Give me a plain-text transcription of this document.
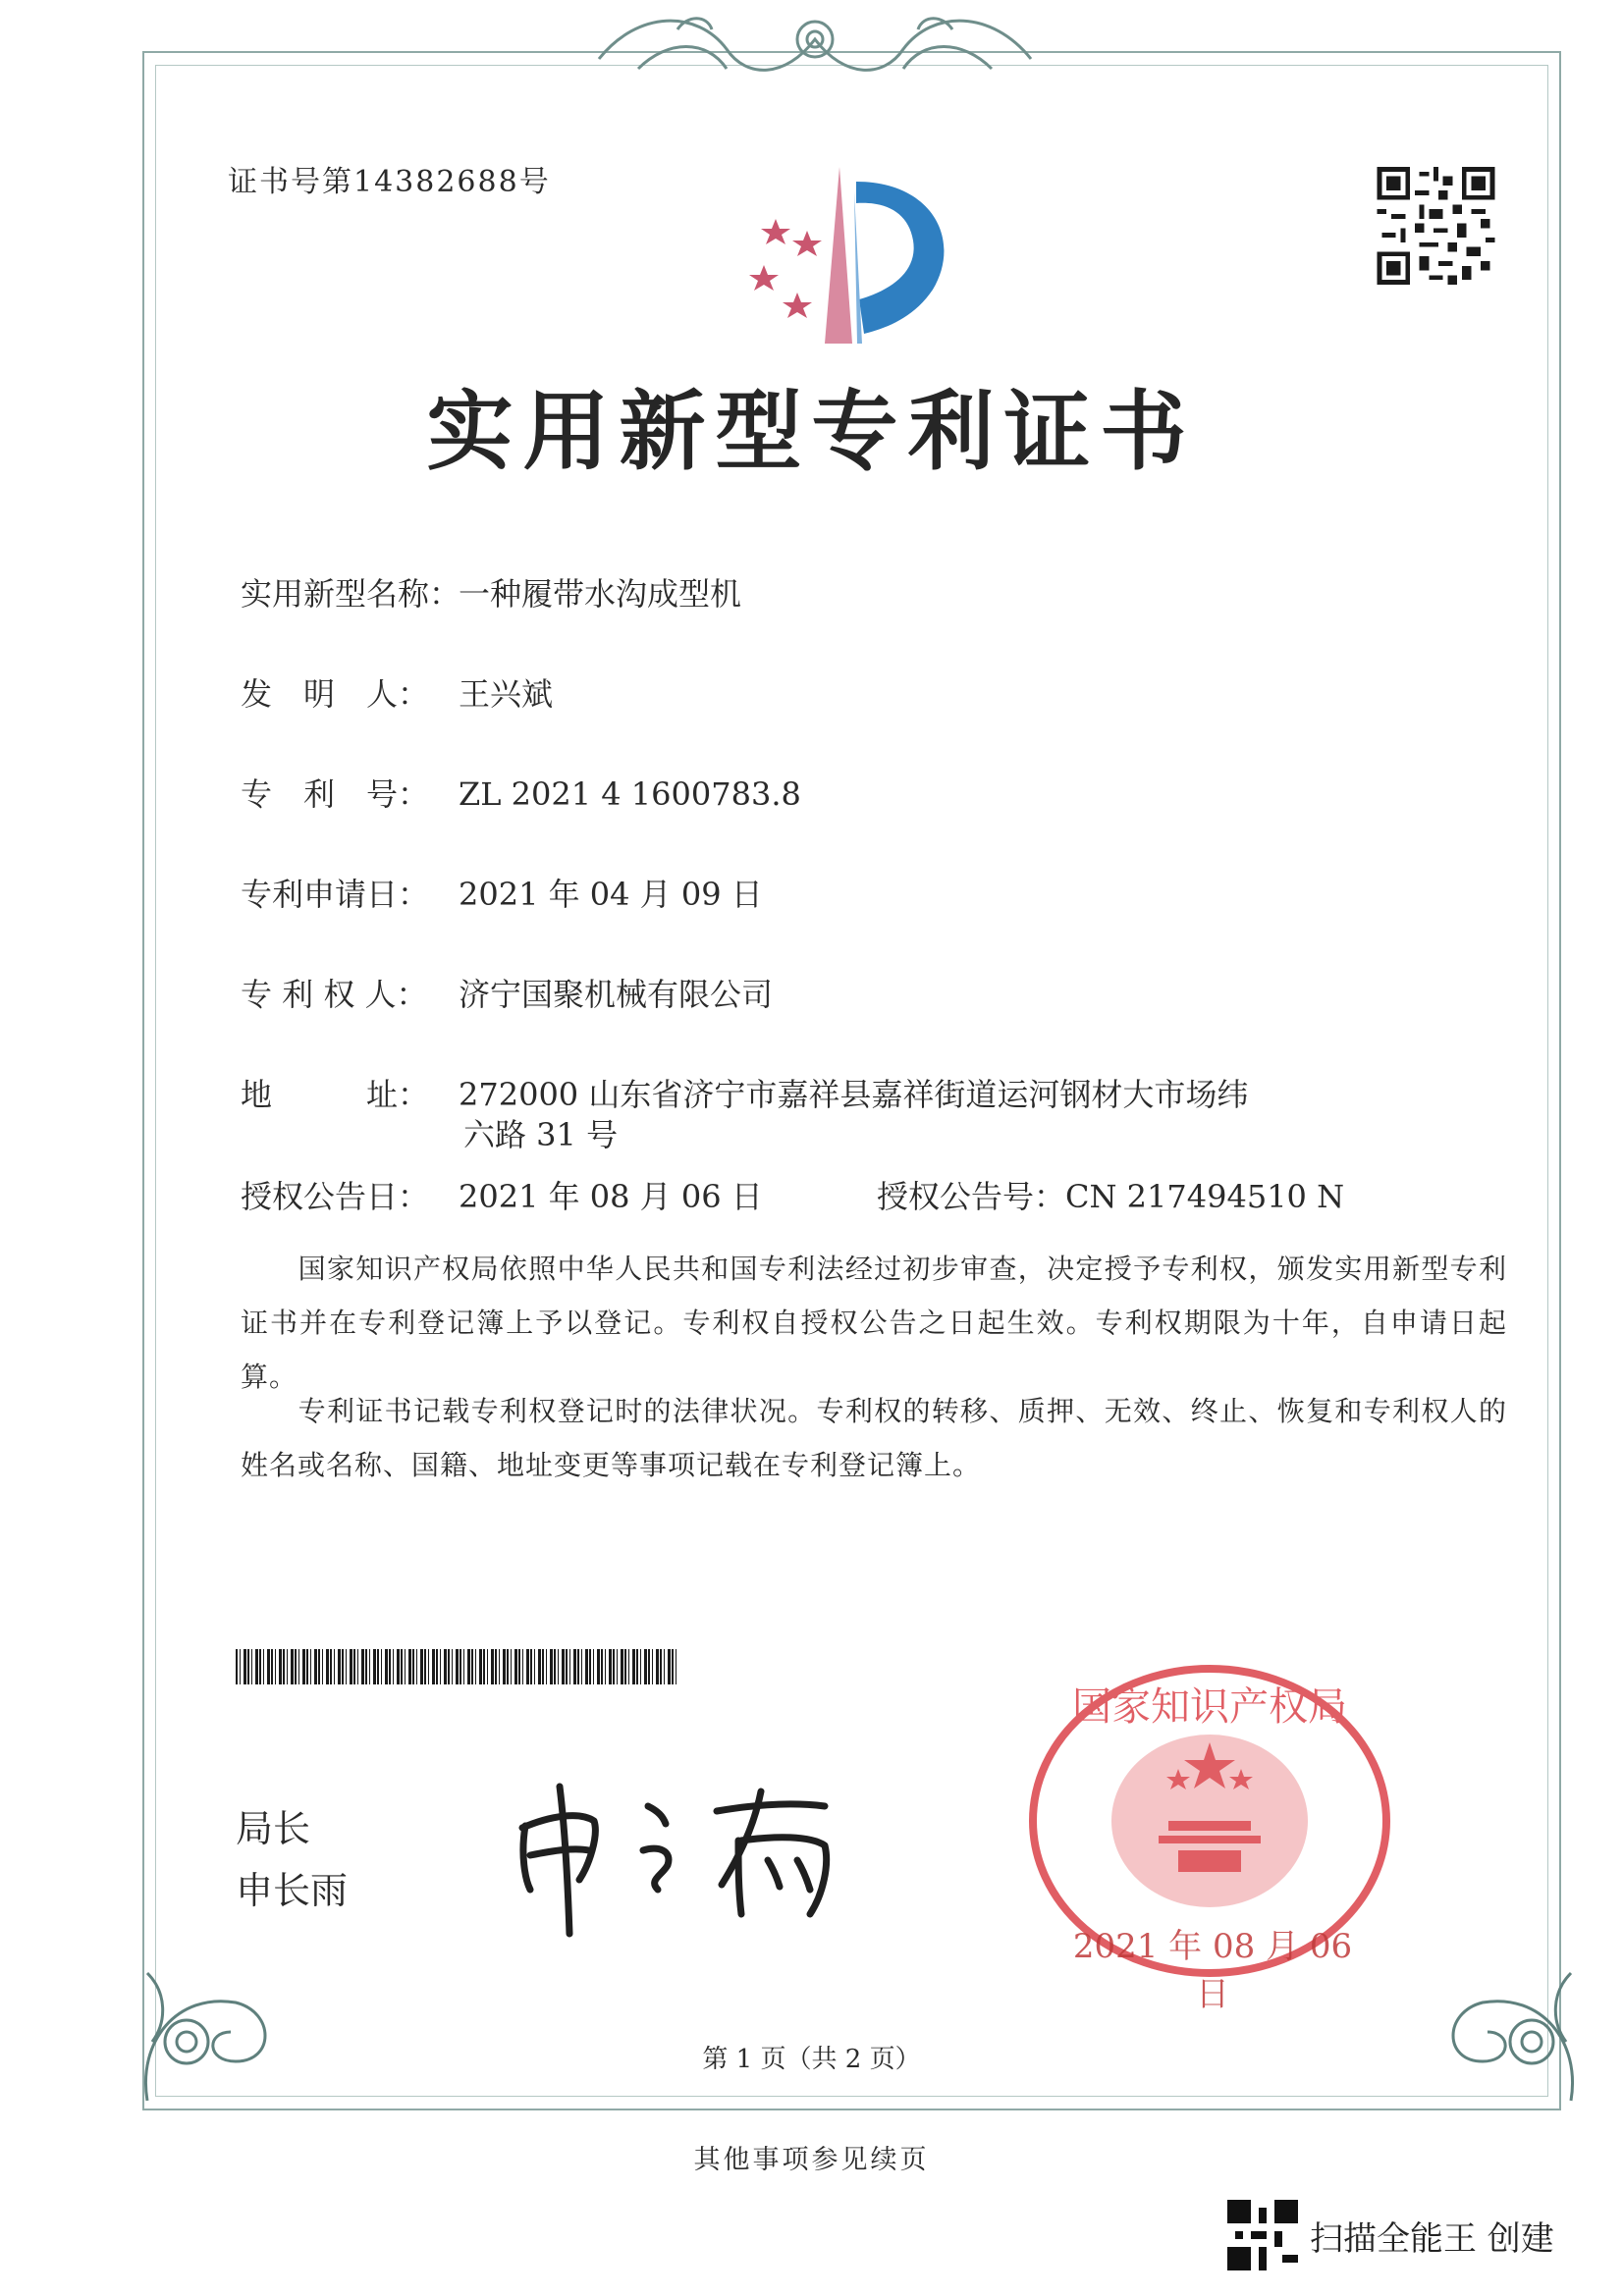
证书号第14382688号
实用新型专利证书
实用新型名称：一种履带水沟成型机
发　明　人： 王兴斌
专　利　号： ZL 2021 4 1600783.8
专利申请日： 2021 年 04 月 09 日
专 利 权 人： 济宁国聚机械有限公司
地　　　址： 272000 山东省济宁市嘉祥县嘉祥街道运河钢材大市场纬
六路 31 号
授权公告日： 2021 年 08 月 06 日	授权公告号：CN 217494510 N
　　国家知识产权局依照中华人民共和国专利法经过初步审查，决定授予专利权，颁发实用新型专利证书并在专利登记簿上予以登记。专利权自授权公告之日起生效。专利权期限为十年，自申请日起算。
　　专利证书记载专利权登记时的法律状况。专利权的转移、质押、无效、终止、恢复和专利权人的姓名或名称、国籍、地址变更等事项记载在专利登记簿上。
局长
申长雨
国家知识产权局
2021 年 08 月 06 日
第 1 页（共 2 页）
其他事项参见续页
扫描全能王 创建
